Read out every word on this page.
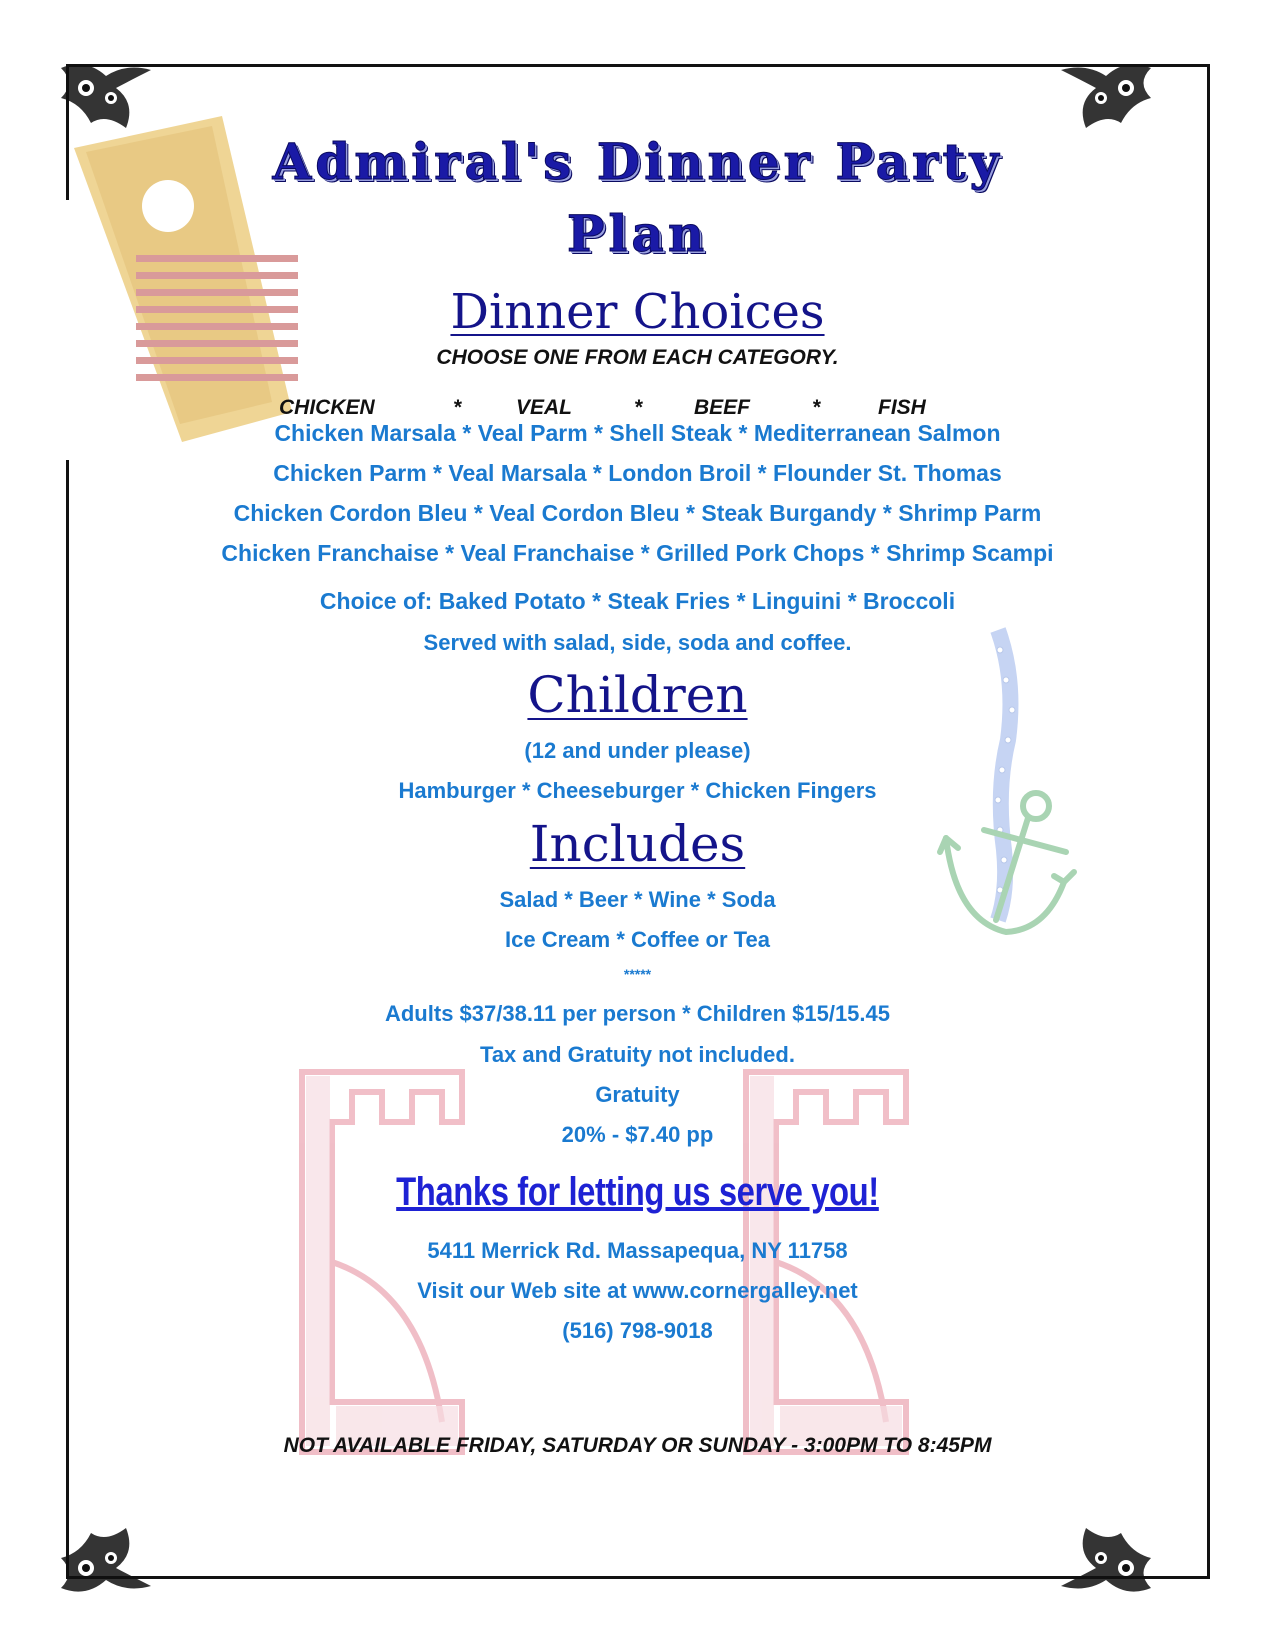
Admiral's Dinner Party
Plan
Dinner Choices
CHOOSE ONE FROM EACH CATEGORY.
CHICKEN	*	VEAL	* BEEF	*	FISH
Chicken Marsala * Veal Parm * Shell Steak * Mediterranean Salmon
Chicken Parm * Veal Marsala * London Broil * Flounder St. Thomas
Chicken Cordon Bleu * Veal Cordon Bleu * Steak Burgandy * Shrimp Parm
Chicken Franchaise * Veal Franchaise * Grilled Pork Chops * Shrimp Scampi
Choice of: Baked Potato * Steak Fries * Linguini * Broccoli
Served with salad, side, soda and coffee.
Children
(12 and under please)
Hamburger * Cheeseburger * Chicken Fingers
Includes
Salad * Beer * Wine * Soda
Ice Cream * Coffee or Tea
*****
Adults $37/38.11 per person * Children $15/15.45
Tax and Gratuity not included.
Gratuity
20% - $7.40 pp
Thanks for letting us serve you!
5411 Merrick Rd. Massapequa, NY 11758
Visit our Web site at www.cornergalley.net
(516) 798-9018
NOT AVAILABLE FRIDAY, SATURDAY OR SUNDAY - 3:00PM TO 8:45PM
